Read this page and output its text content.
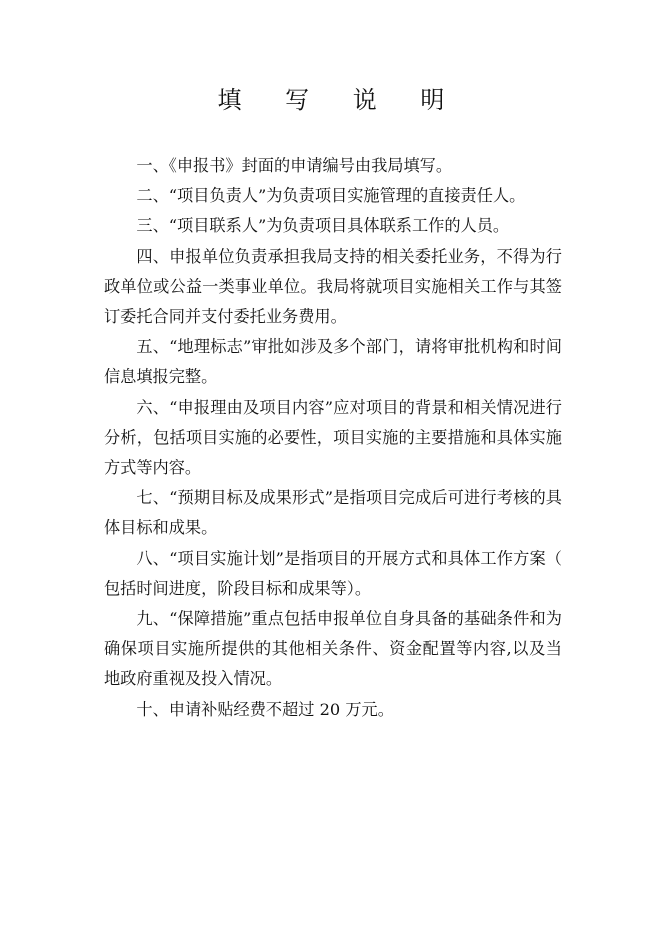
填 写 说 明

一、《申报书》封面的申请编号由我局填写。

二、“项目负责人”为负责项目实施管理的直接责任人。

三、“项目联系人”为负责项目具体联系工作的人员。

四、申报单位负责承担我局支持的相关委托业务，不得为行政单位或公益一类事业单位。我局将就项目实施相关工作与其签订委托合同并支付委托业务费用。

五、“地理标志”审批如涉及多个部门，请将审批机构和时间信息填报完整。

六、“申报理由及项目内容”应对项目的背景和相关情况进行分析，包括项目实施的必要性，项目实施的主要措施和具体实施方式等内容。

七、“预期目标及成果形式”是指项目完成后可进行考核的具体目标和成果。

八、“项目实施计划”是指项目的开展方式和具体工作方案（包括时间进度，阶段目标和成果等）。

九、“保障措施”重点包括申报单位自身具备的基础条件和为确保项目实施所提供的其他相关条件、资金配置等内容,以及当地政府重视及投入情况。

十、申请补贴经费不超过 20 万元。
